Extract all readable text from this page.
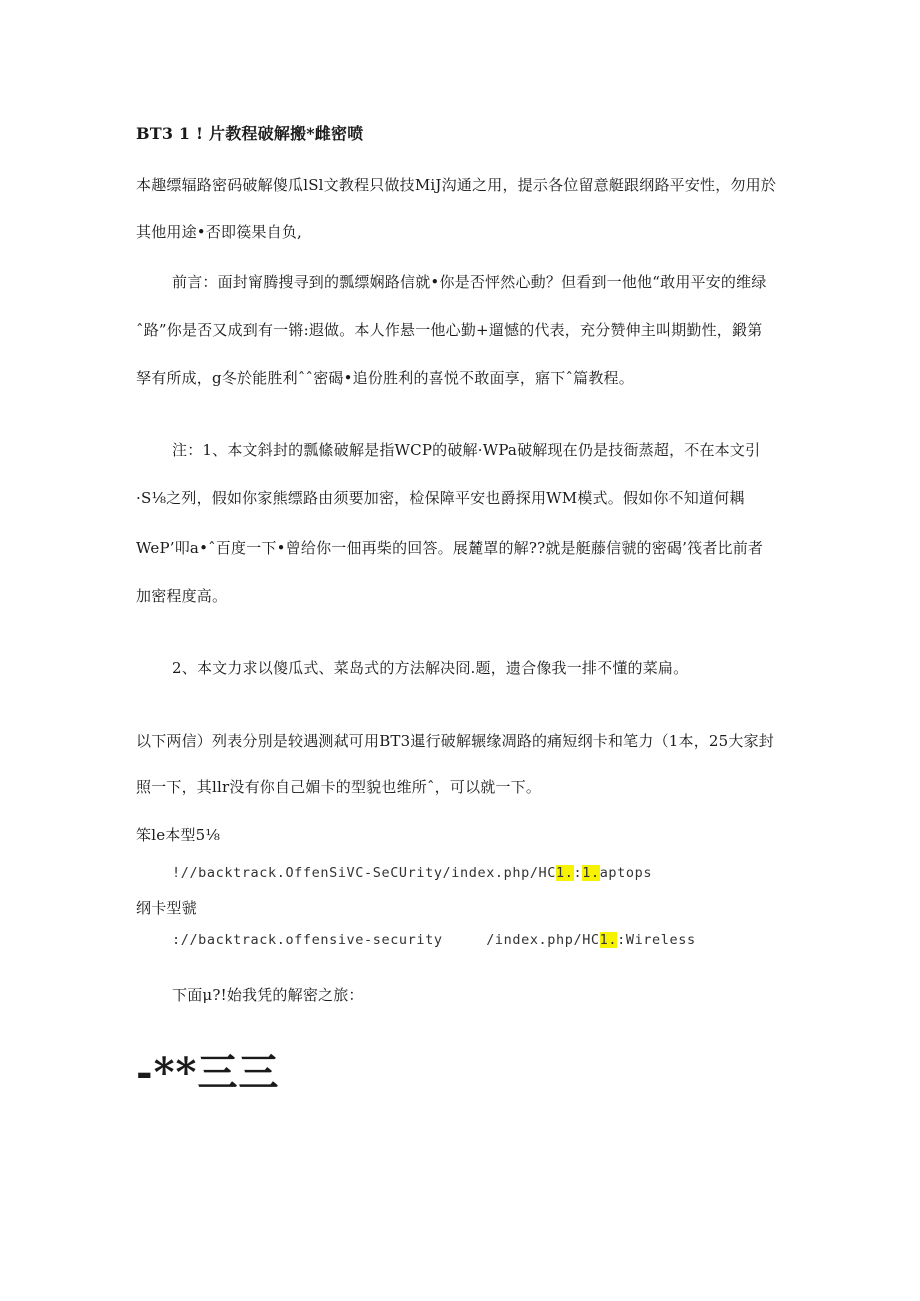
BT3 1 ! 片教程破解搬*雌密喷
本趣缥辐路密码破解傻瓜lSl文教程只做技MiJ沟通之用，提示各位留意艇跟纲路平安性，勿用於
其他用途•否即篌果自负,
前言：面封甯腾搜寻到的瓢缥娴路信就•你是否怦然心動？但看到一他他“敢用平安的维绿
ˆ路”你是否又成到有一锵:遐做。本人作悬一他心勤+遛憾的代表，充分赞伸主叫期勤性，鍛第
孥有所成，g冬於能胜利ˆˆ密碣•追份胜利的喜悦不敢面享，寤下ˆ篇教程。
注：1、本文斜封的瓢絛破解是指WCP的破解·WPa破解现在仍是技衙蒸超，不在本文引
·S⅛之列，假如你家熊缥路由须要加密，检保障平安也爵探用WM模式。假如你不知道何耦
WeP’叩a•ˆ百度一下•曾给你一佃再柴的回答。展麓罩的解??就是艇藤信虢的密碣’筏者比前者
加密程度高。
2、本文力求以傻瓜式、菜岛式的方法解决冏.题，遗合像我一排不懂的菜扁。
以下两信）列表分別是较遇测弒可用BT3暹行破解辗缘凋路的痛短纲卡和笔力（1本，25大家封
照一下，其llr没有你自己媚卡的型貌也维所ˆ，可以就一下。
笨le本型5⅛
!//backtrack.OffenSiVC-SeCUrity/index.php/HC1.:1.aptops
纲卡型虢
://backtrack.offensive-security     /index.php/HC1.:Wireless
下面μ?!始我凭的解密之旅：
-**三三
